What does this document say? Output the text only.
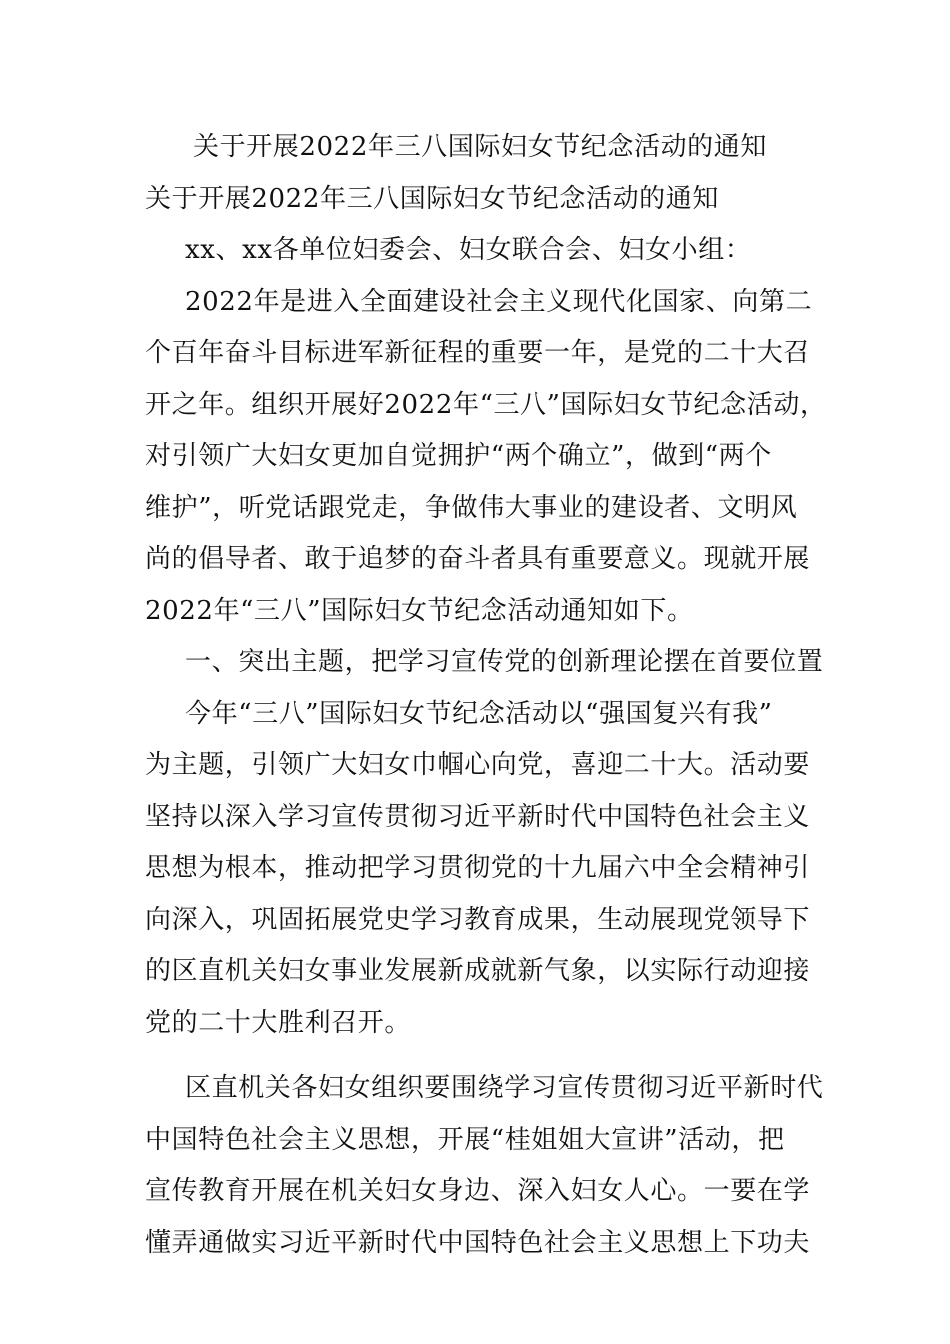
关于开展2022年三八国际妇女节纪念活动的通知
关于开展2022年三八国际妇女节纪念活动的通知
xx、xx各单位妇委会、妇女联合会、妇女小组：
2022年是进入全面建设社会主义现代化国家、向第二
个百年奋斗目标进军新征程的重要一年，是党的二十大召
开之年。组织开展好2022年“三八”国际妇女节纪念活动，
对引领广大妇女更加自觉拥护“两个确立”，做到“两个
维护”，听党话跟党走，争做伟大事业的建设者、文明风
尚的倡导者、敢于追梦的奋斗者具有重要意义。现就开展
2022年“三八”国际妇女节纪念活动通知如下。
一、突出主题，把学习宣传党的创新理论摆在首要位置
今年“三八”国际妇女节纪念活动以“强国复兴有我”
为主题，引领广大妇女巾帼心向党，喜迎二十大。活动要
坚持以深入学习宣传贯彻习近平新时代中国特色社会主义
思想为根本，推动把学习贯彻党的十九届六中全会精神引
向深入，巩固拓展党史学习教育成果，生动展现党领导下
的区直机关妇女事业发展新成就新气象，以实际行动迎接
党的二十大胜利召开。
区直机关各妇女组织要围绕学习宣传贯彻习近平新时代
中国特色社会主义思想，开展“桂姐姐大宣讲”活动，把
宣传教育开展在机关妇女身边、深入妇女人心。一要在学
懂弄通做实习近平新时代中国特色社会主义思想上下功夫
